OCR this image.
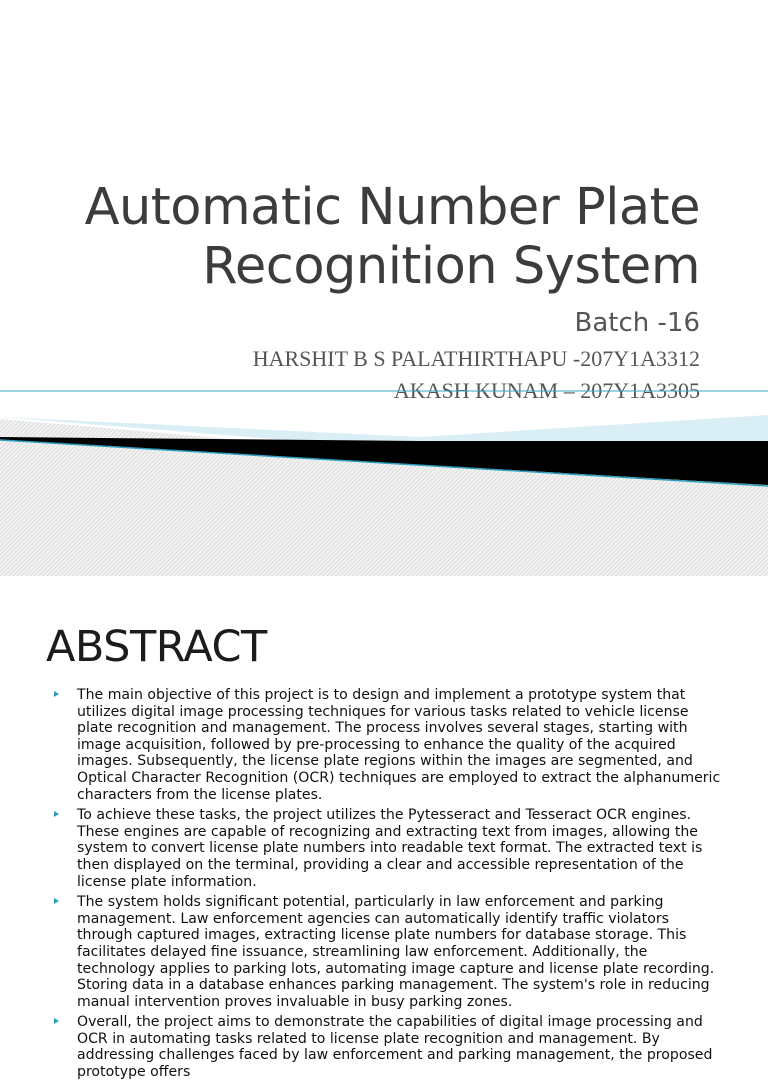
Automatic Number Plate
Recognition System
Batch -16
HARSHIT B S PALATHIRTHAPU -207Y1A3312
AKASH KUNAM – 207Y1A3305
ABSTRACT
The main objective of this project is to design and implement a prototype system that utilizes digital image processing techniques for various tasks related to vehicle license plate recognition and management. The process involves several stages, starting with image acquisition, followed by pre-processing to enhance the quality of the acquired images. Subsequently, the license plate regions within the images are segmented, and Optical Character Recognition (OCR) techniques are employed to extract the alphanumeric characters from the license plates.
To achieve these tasks, the project utilizes the Pytesseract and Tesseract OCR engines. These engines are capable of recognizing and extracting text from images, allowing the system to convert license plate numbers into readable text format. The extracted text is then displayed on the terminal, providing a clear and accessible representation of the license plate information.
The system holds significant potential, particularly in law enforcement and parking management. Law enforcement agencies can automatically identify traffic violators through captured images, extracting license plate numbers for database storage. This facilitates delayed fine issuance, streamlining law enforcement. Additionally, the technology applies to parking lots, automating image capture and license plate recording. Storing data in a database enhances parking management. The system's role in reducing manual intervention proves invaluable in busy parking zones.
Overall, the project aims to demonstrate the capabilities of digital image processing and OCR in automating tasks related to license plate recognition and management. By addressing challenges faced by law enforcement and parking management, the proposed prototype offers
